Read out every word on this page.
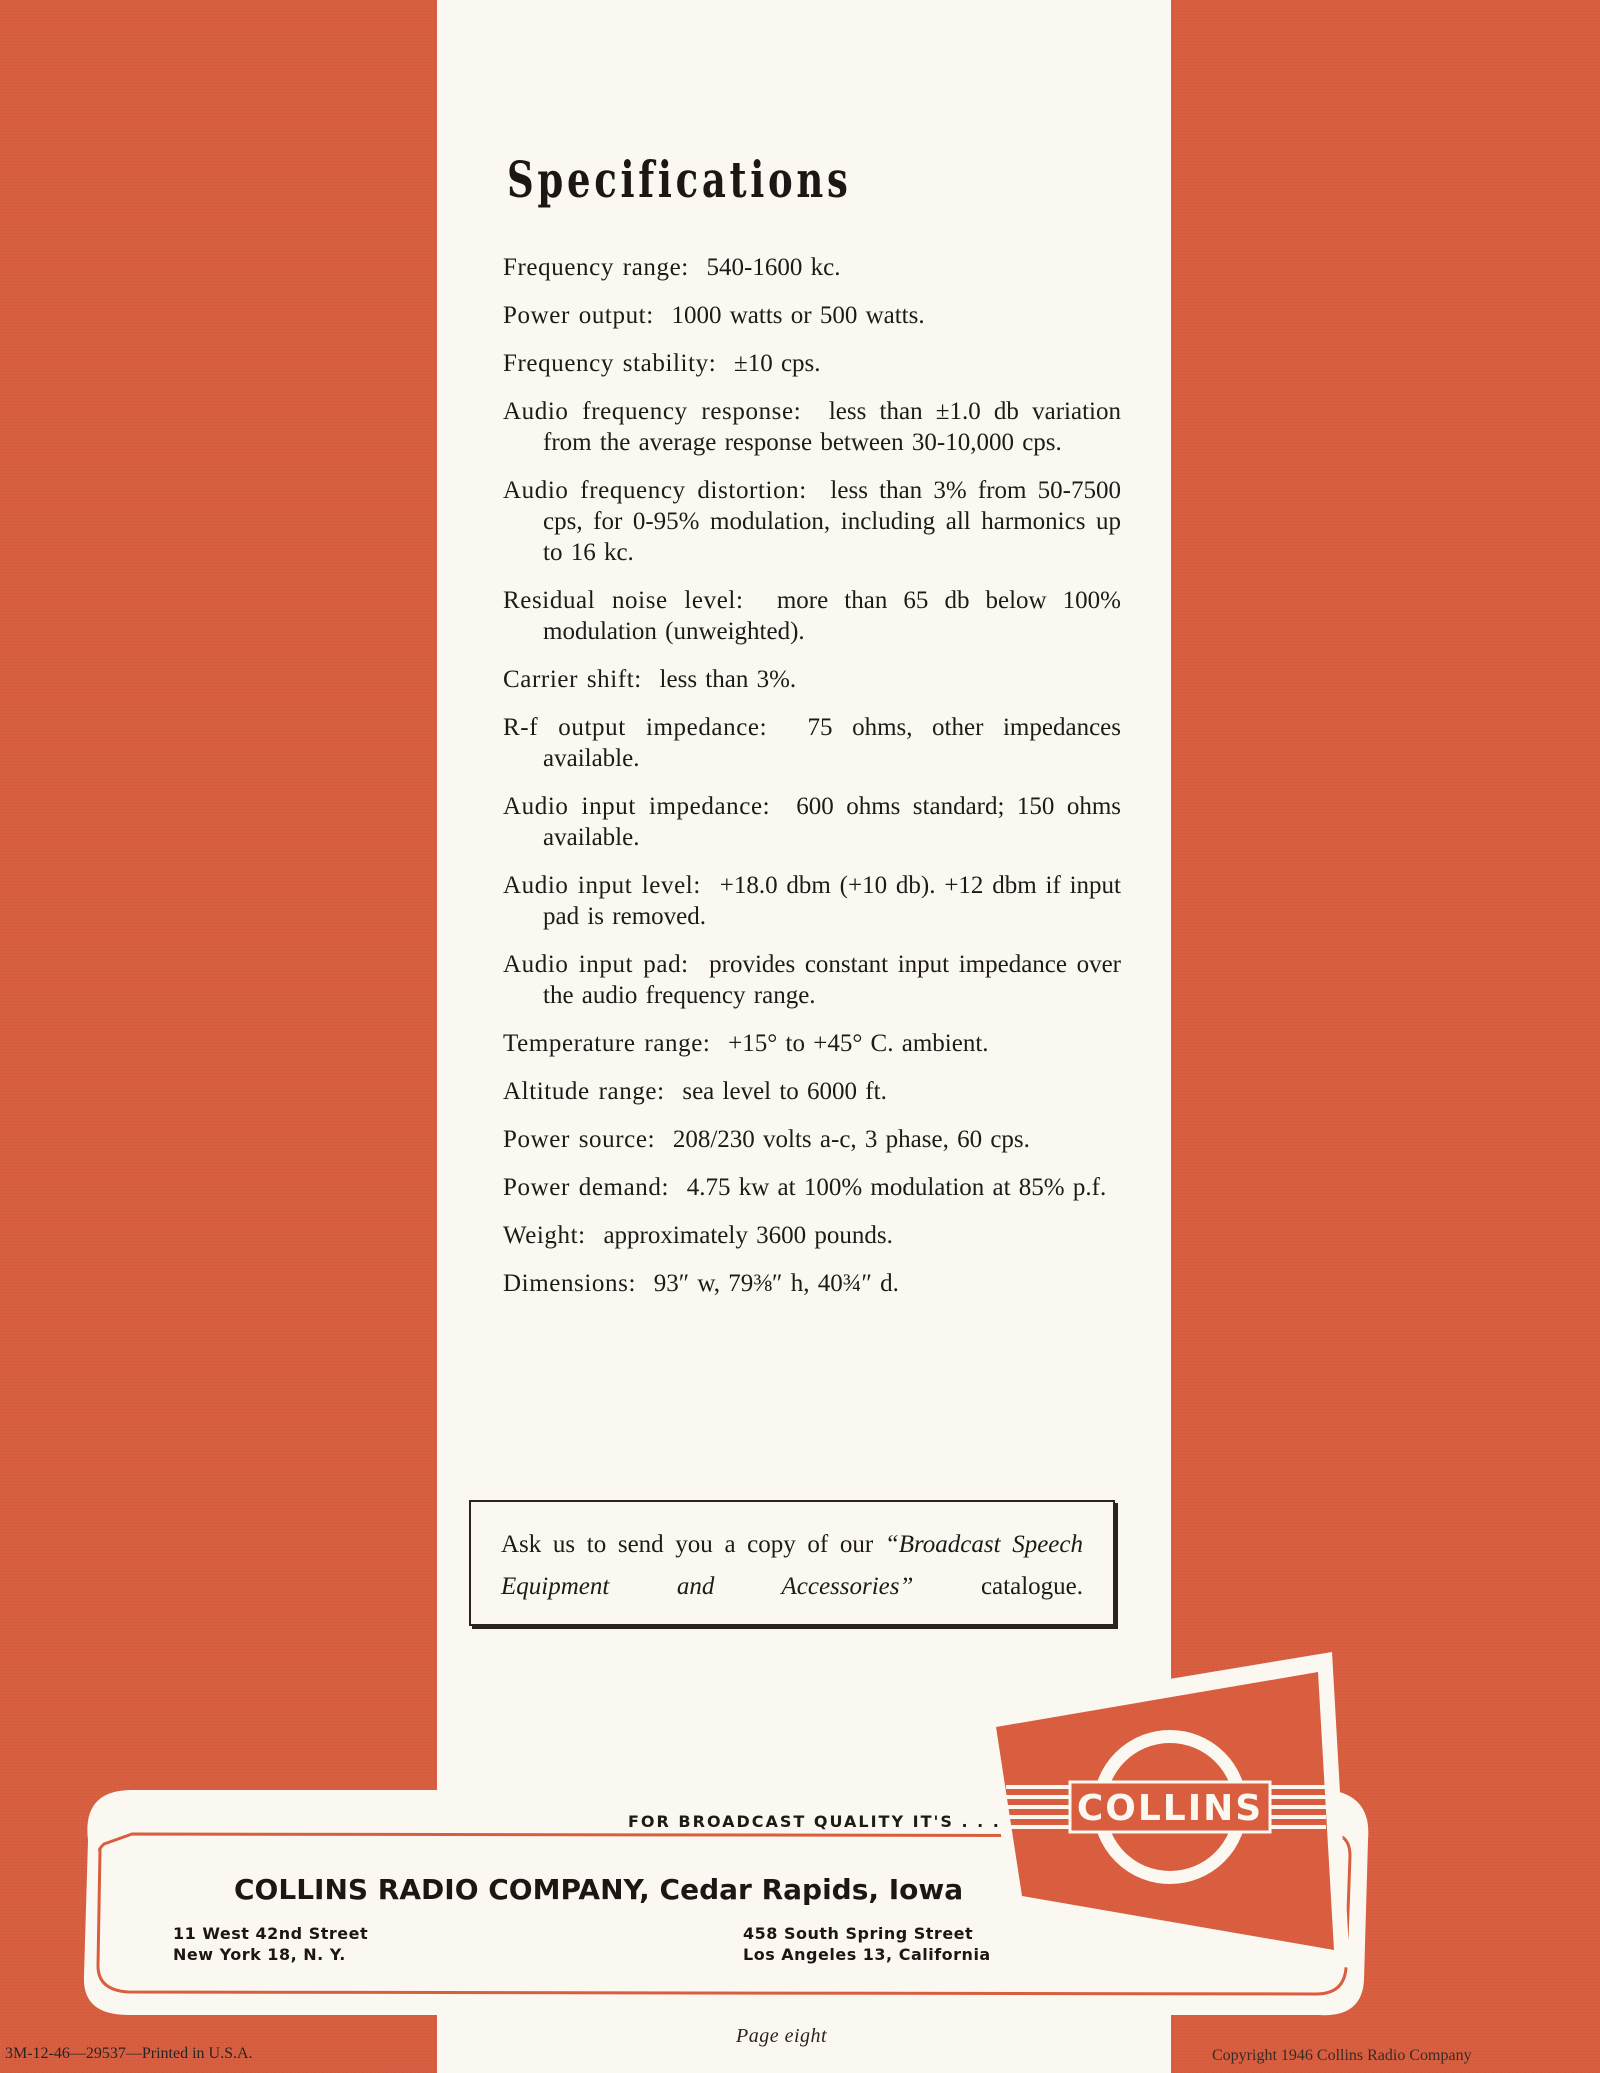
Specifications

Frequency range: 540-1600 kc.

Power output: 1000 watts or 500 watts.

Frequency stability: ±10 cps.

Audio frequency response: less than ±1.0 db variation from the average response between 30-10,000 cps.

Audio frequency distortion: less than 3% from 50-7500 cps, for 0-95% modulation, including all harmonics up to 16 kc.

Residual noise level: more than 65 db below 100% modulation (unweighted).

Carrier shift: less than 3%.

R-f output impedance: 75 ohms, other impedances available.

Audio input impedance: 600 ohms standard; 150 ohms available.

Audio input level: +18.0 dbm (+10 db). +12 dbm if input pad is removed.

Audio input pad: provides constant input impedance over the audio frequency range.

Temperature range: +15° to +45° C. ambient.

Altitude range: sea level to 6000 ft.

Power source: 208/230 volts a-c, 3 phase, 60 cps.

Power demand: 4.75 kw at 100% modulation at 85% p.f.

Weight: approximately 3600 pounds.

Dimensions: 93″ w, 79⅜″ h, 40¾″ d.

Ask us to send you a copy of our “Broadcast Speech Equipment and Accessories” catalogue.
COLLINS
FOR BROADCAST QUALITY IT'S . . .
COLLINS RADIO COMPANY, Cedar Rapids, Iowa
11 West 42nd Street
New York 18, N. Y.
458 South Spring Street
Los Angeles 13, California
3M-12-46—29537—Printed in U.S.A.
Page eight
Copyright 1946 Collins Radio Company
